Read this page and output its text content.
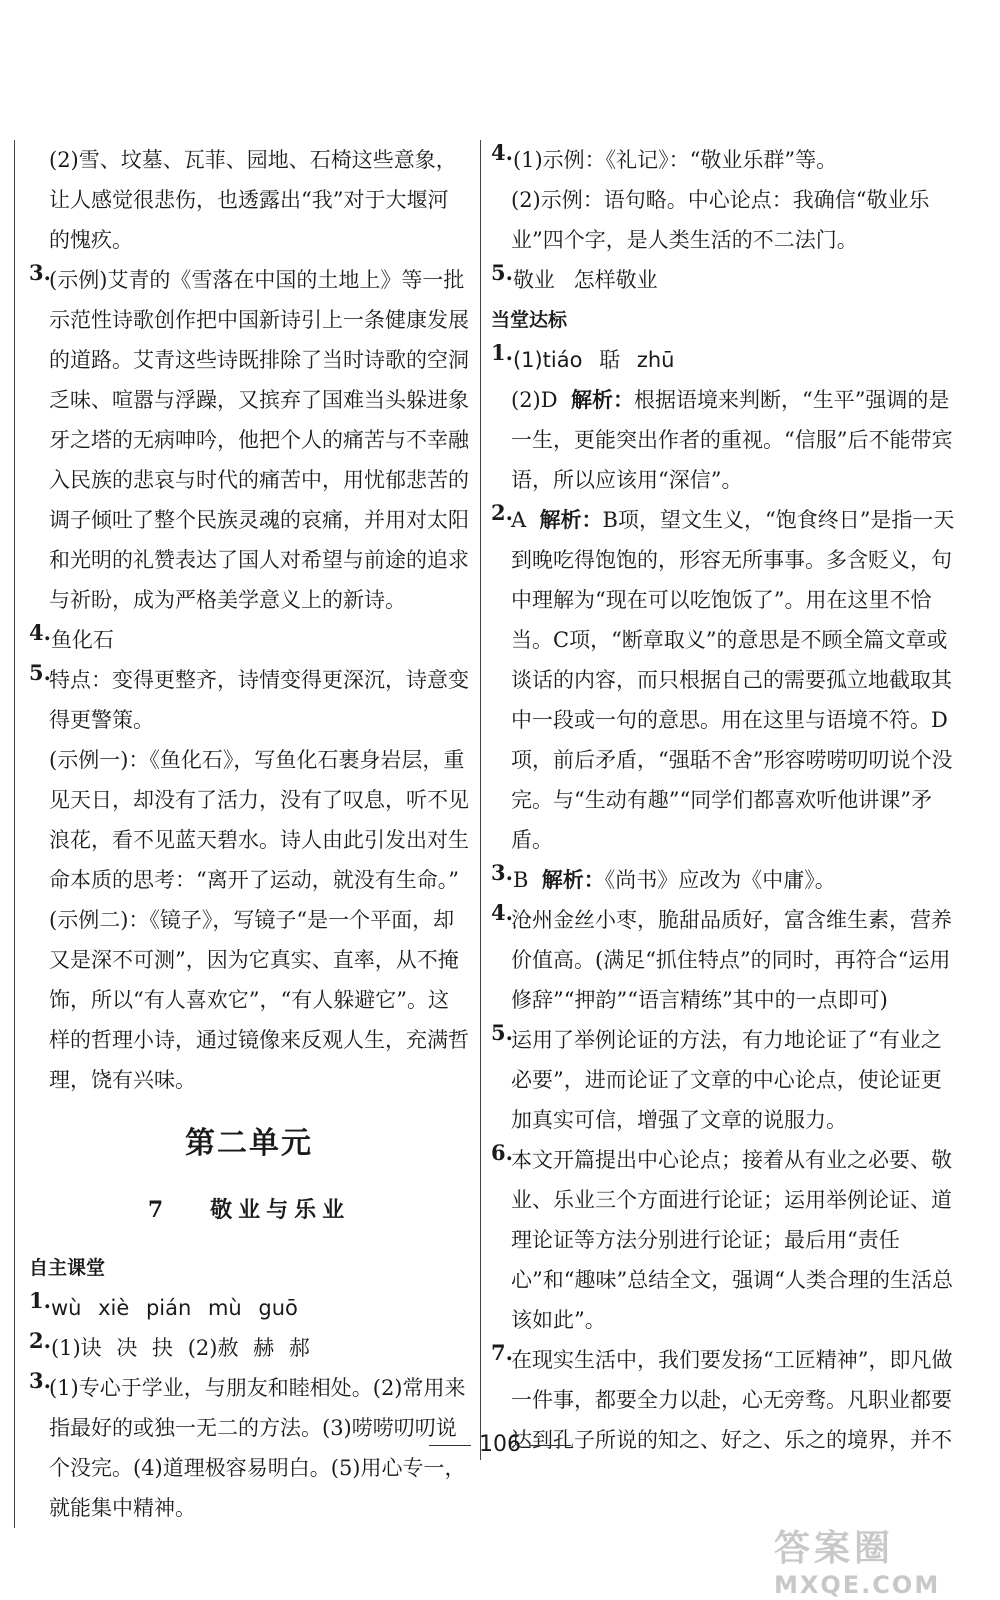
(2)雪、坟墓、瓦菲、园地、石椅这些意象，让人感觉很悲伤，也透露出“我”对于大堰河的愧疚。

3.

(示例)艾青的《雪落在中国的土地上》等一批示范性诗歌创作把中国新诗引上一条健康发展的道路。艾青这些诗既排除了当时诗歌的空洞乏味、喧嚣与浮躁，又摈弃了国难当头躲进象牙之塔的无病呻吟，他把个人的痛苦与不幸融入民族的悲哀与时代的痛苦中，用忧郁悲苦的调子倾吐了整个民族灵魂的哀痛，并用对太阳和光明的礼赞表达了国人对希望与前途的追求与祈盼，成为严格美学意义上的新诗。

4. 鱼化石

5.

特点：变得更整齐，诗情变得更深沉，诗意变得更警策。

(示例一)：《鱼化石》，写鱼化石裹身岩层，重见天日，却没有了活力，没有了叹息，听不见浪花，看不见蓝天碧水。诗人由此引发出对生命本质的思考：“离开了运动，就没有生命。”

(示例二)：《镜子》，写镜子“是一个平面，却又是深不可测”，因为它真实、直率，从不掩饰，所以“有人喜欢它”，“有人躲避它”。这样的哲理小诗，通过镜像来反观人生，充满哲理，饶有兴味。

第二单元
7 敬业与乐业
自主课堂
1. wù xiè pián mù guō

2. (1)诀 决 抉 (2)赦 赫 郝

3.

(1)专心于学业，与朋友和睦相处。(2)常用来指最好的或独一无二的方法。(3)唠唠叨叨说个没完。(4)道理极容易明白。(5)用心专一，就能集中精神。

4. (1)示例：《礼记》：“敬业乐群”等。

(2)示例：语句略。中心论点：我确信“敬业乐业”四个字，是人类生活的不二法门。

5. 敬业 怎样敬业

当堂达标
1. (1)tiáo 聒 zhū

(2)D 解析：根据语境来判断，“生平”强调的是一生，更能突出作者的重视。“信服”后不能带宾语，所以应该用“深信”。

2.

A 解析：B项，望文生义，“饱食终日”是指一天到晚吃得饱饱的，形容无所事事。多含贬义，句中理解为“现在可以吃饱饭了”。用在这里不恰当。C项，“断章取义”的意思是不顾全篇文章或谈话的内容，而只根据自己的需要孤立地截取其中一段或一句的意思。用在这里与语境不符。D项，前后矛盾，“强聒不舍”形容唠唠叨叨说个没完。与“生动有趣”“同学们都喜欢听他讲课”矛盾。

3. B 解析：《尚书》应改为《中庸》。

4.

沧州金丝小枣，脆甜品质好，富含维生素，营养价值高。(满足“抓住特点”的同时，再符合“运用修辞”“押韵”“语言精练”其中的一点即可)

5.

运用了举例论证的方法，有力地论证了“有业之必要”，进而论证了文章的中心论点，使论证更加真实可信，增强了文章的说服力。

6.

本文开篇提出中心论点；接着从有业之必要、敬业、乐业三个方面进行论证；运用举例论证、道理论证等方法分别进行论证；最后用“责任心”和“趣味”总结全文，强调“人类合理的生活总该如此”。

7.

在现实生活中，我们要发扬“工匠精神”，即凡做一件事，都要全力以赴，心无旁骛。凡职业都要达到孔子所说的知之、好之、乐之的境界，并不

106
答案圈
MXQE.COM
